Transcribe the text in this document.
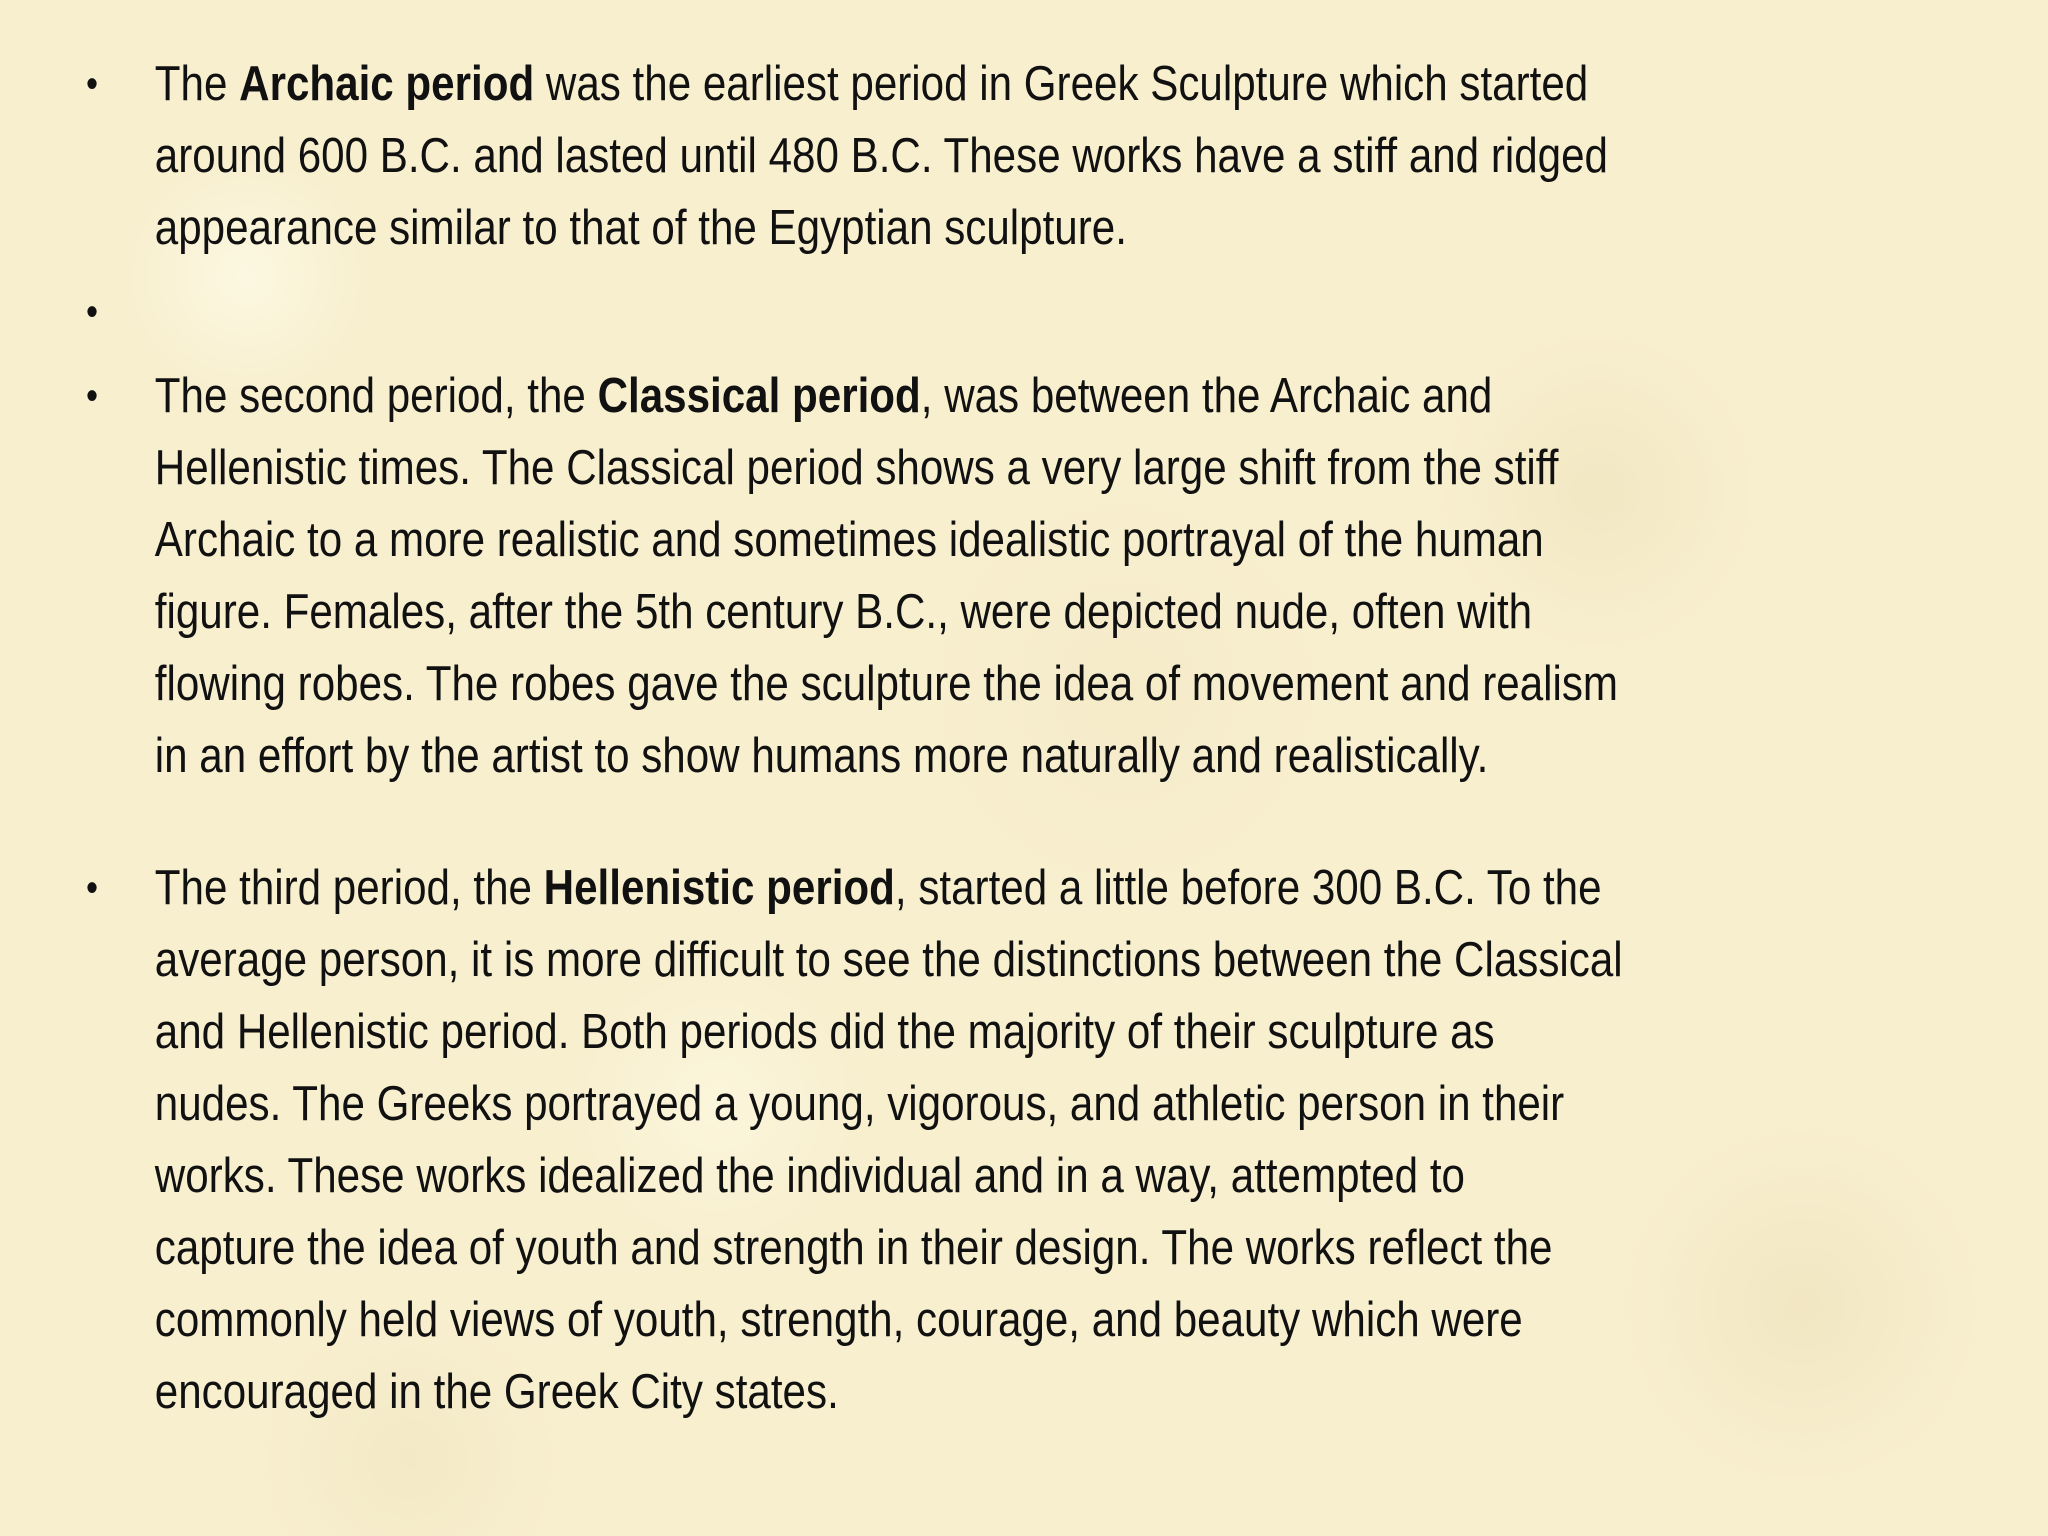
•	The Archaic period was the earliest period in Greek Sculpture which started
around 600 B.C. and lasted until 480 B.C. These works have a stiff and ridged
appearance similar to that of the Egyptian sculpture.
•
•	The second period, the Classical period, was between the Archaic and
Hellenistic times. The Classical period shows a very large shift from the stiff
Archaic to a more realistic and sometimes idealistic portrayal of the human
figure. Females, after the 5th century B.C., were depicted nude, often with
flowing robes. The robes gave the sculpture the idea of movement and realism
in an effort by the artist to show humans more naturally and realistically.
•	The third period, the Hellenistic period, started a little before 300 B.C. To the
average person, it is more difficult to see the distinctions between the Classical
and Hellenistic period. Both periods did the majority of their sculpture as
nudes. The Greeks portrayed a young, vigorous, and athletic person in their
works. These works idealized the individual and in a way, attempted to
capture the idea of youth and strength in their design. The works reflect the
commonly held views of youth, strength, courage, and beauty which were
encouraged in the Greek City states.
